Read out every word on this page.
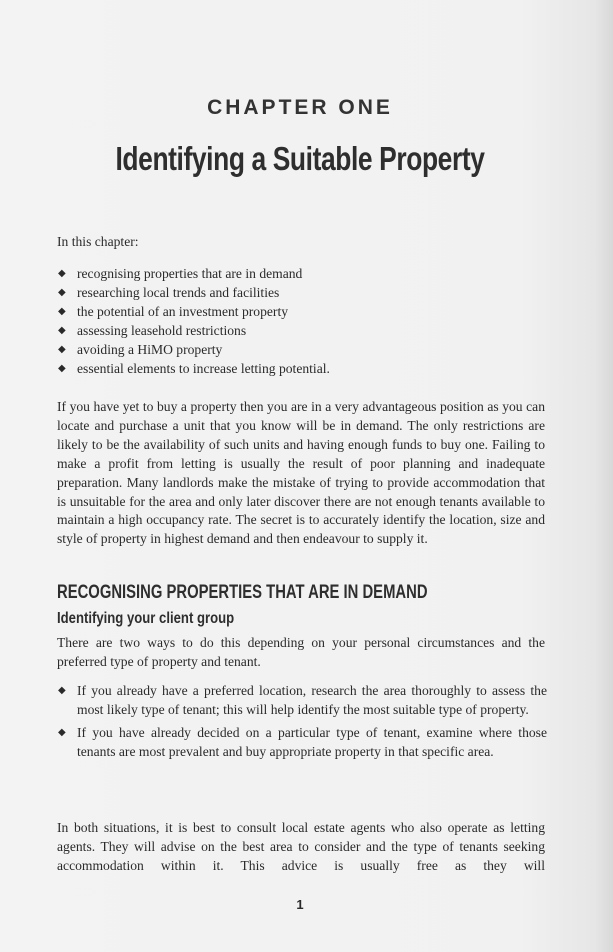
CHAPTER ONE
Identifying a Suitable Property
In this chapter:
◆ recognising properties that are in demand
◆ researching local trends and facilities
◆ the potential of an investment property
◆ assessing leasehold restrictions
◆ avoiding a HiMO property
◆ essential elements to increase letting potential.

If you have yet to buy a property then you are in a very advantageous position as you can locate and purchase a unit that you know will be in demand. The only restrictions are likely to be the availability of such units and having enough funds to buy one. Failing to make a profit from letting is usually the result of poor planning and inadequate preparation. Many landlords make the mistake of trying to provide accommodation that is unsuitable for the area and only later discover there are not enough tenants available to maintain a high occupancy rate. The secret is to accurately identify the location, size and style of property in highest demand and then endeavour to supply it.

RECOGNISING PROPERTIES THAT ARE IN DEMAND
Identifying your client group

There are two ways to do this depending on your personal circumstances and the preferred type of property and tenant.

◆ If you already have a preferred location, research the area thoroughly to assess the most likely type of tenant; this will help identify the most suitable type of property.
◆ If you have already decided on a particular type of tenant, examine where those tenants are most prevalent and buy appropriate property in that specific area.

In both situations, it is best to consult local estate agents who also operate as letting agents. They will advise on the best area to consider and the type of tenants seeking accommodation within it. This advice is usually free as they will

1
